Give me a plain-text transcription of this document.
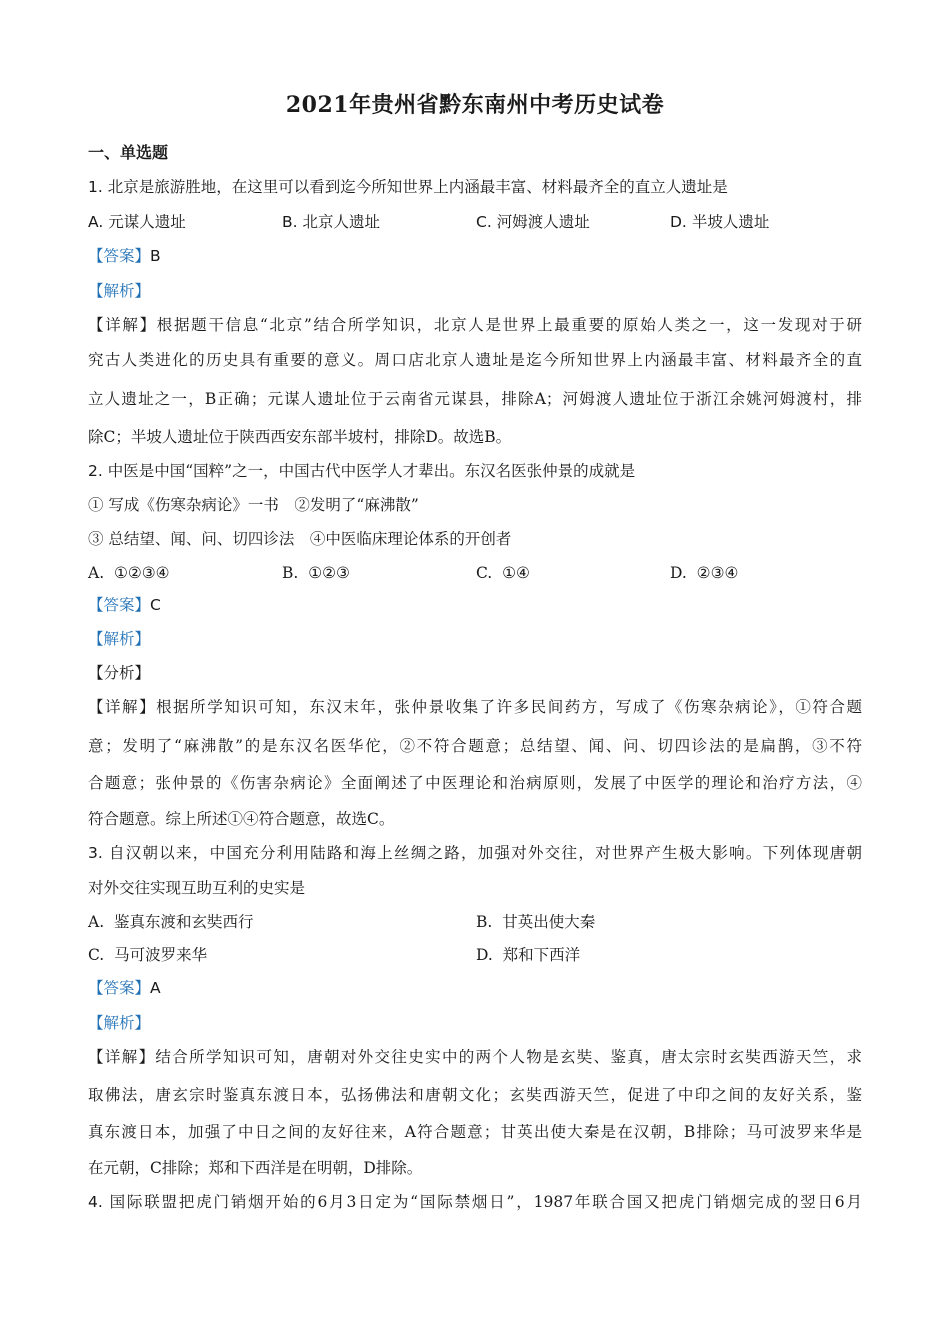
2021年贵州省黔东南州中考历史试卷
一、单选题
1. 北京是旅游胜地，在这里可以看到迄今所知世界上内涵最丰富、材料最齐全的直立人遗址是
A. 元谋人遗址	B. 北京人遗址	C. 河姆渡人遗址	D. 半坡人遗址
【答案】B
【解析】
【详解】根据题干信息“北京”结合所学知识，北京人是世界上最重要的原始人类之一，这一发现对于研
究古人类进化的历史具有重要的意义。周口店北京人遗址是迄今所知世界上内涵最丰富、材料最齐全的直
立人遗址之一，B正确；元谋人遗址位于云南省元谋县，排除A；河姆渡人遗址位于浙江余姚河姆渡村，排
除C；半坡人遗址位于陕西西安东部半坡村，排除D。故选B。
2. 中医是中国“国粹”之一，中国古代中医学人才辈出。东汉名医张仲景的成就是
① 写成《伤寒杂病论》一书　②发明了“麻沸散”
③ 总结望、闻、问、切四诊法　④中医临床理论体系的开创者
A. ①②③④	B. ①②③	C. ①④	D. ②③④
【答案】C
【解析】
【分析】
【详解】根据所学知识可知，东汉末年，张仲景收集了许多民间药方，写成了《伤寒杂病论》，①符合题
意；发明了“麻沸散”的是东汉名医华佗，②不符合题意；总结望、闻、问、切四诊法的是扁鹊，③不符
合题意；张仲景的《伤害杂病论》全面阐述了中医理论和治病原则，发展了中医学的理论和治疗方法，④
符合题意。综上所述①④符合题意，故选C。
3. 自汉朝以来，中国充分利用陆路和海上丝绸之路，加强对外交往，对世界产生极大影响。下列体现唐朝
对外交往实现互助互利的史实是
A. 鉴真东渡和玄奘西行	B. 甘英出使大秦
C. 马可波罗来华	D. 郑和下西洋
【答案】A
【解析】
【详解】结合所学知识可知，唐朝对外交往史实中的两个人物是玄奘、鉴真，唐太宗时玄奘西游天竺，求
取佛法，唐玄宗时鉴真东渡日本，弘扬佛法和唐朝文化；玄奘西游天竺，促进了中印之间的友好关系，鉴
真东渡日本，加强了中日之间的友好往来，A符合题意；甘英出使大秦是在汉朝，B排除；马可波罗来华是
在元朝，C排除；郑和下西洋是在明朝，D排除。
4. 国际联盟把虎门销烟开始的6月3日定为“国际禁烟日”，1987年联合国又把虎门销烟完成的翌日6月
